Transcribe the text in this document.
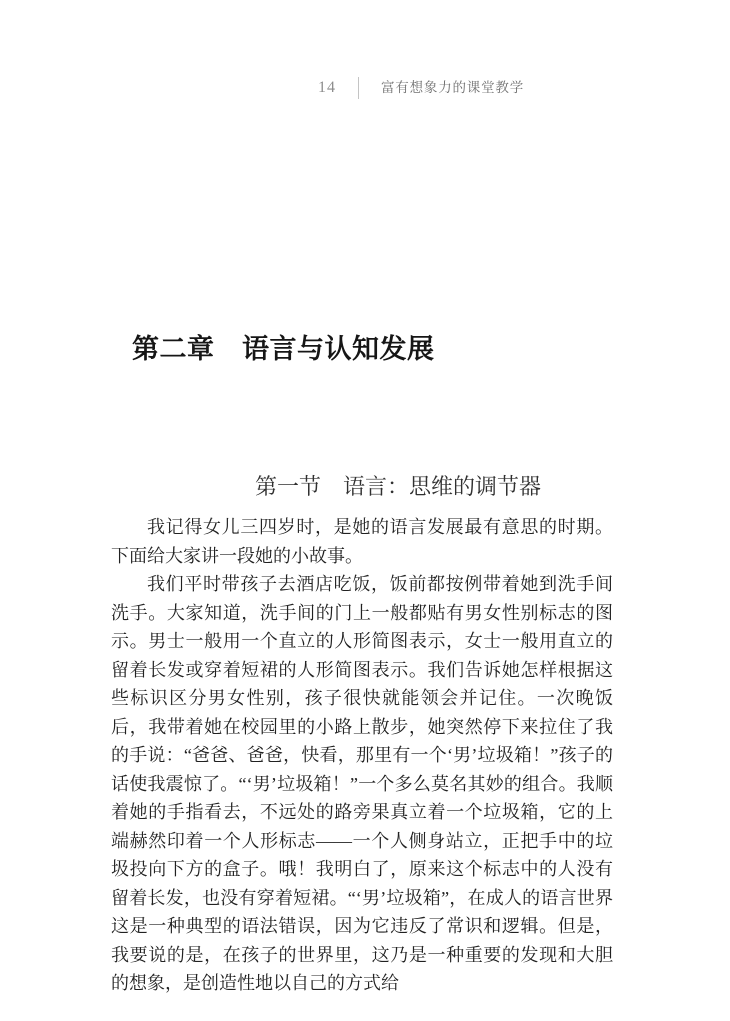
14	富有想象力的课堂教学
第二章　语言与认知发展
第一节　语言：思维的调节器

我记得女儿三四岁时，是她的语言发展最有意思的时期。下面给大家讲一段她的小故事。

我们平时带孩子去酒店吃饭，饭前都按例带着她到洗手间洗手。大家知道，洗手间的门上一般都贴有男女性别标志的图示。男士一般用一个直立的人形简图表示，女士一般用直立的留着长发或穿着短裙的人形简图表示。我们告诉她怎样根据这些标识区分男女性别，孩子很快就能领会并记住。一次晚饭后，我带着她在校园里的小路上散步，她突然停下来拉住了我的手说：“爸爸、爸爸，快看，那里有一个‘男’垃圾箱！”孩子的话使我震惊了。“‘男’垃圾箱！”一个多么莫名其妙的组合。我顺着她的手指看去，不远处的路旁果真立着一个垃圾箱，它的上端赫然印着一个人形标志——一个人侧身站立，正把手中的垃圾投向下方的盒子。哦！我明白了，原来这个标志中的人没有留着长发，也没有穿着短裙。“‘男’垃圾箱”，在成人的语言世界这是一种典型的语法错误，因为它违反了常识和逻辑。但是，我要说的是，在孩子的世界里，这乃是一种重要的发现和大胆的想象，是创造性地以自己的方式给
